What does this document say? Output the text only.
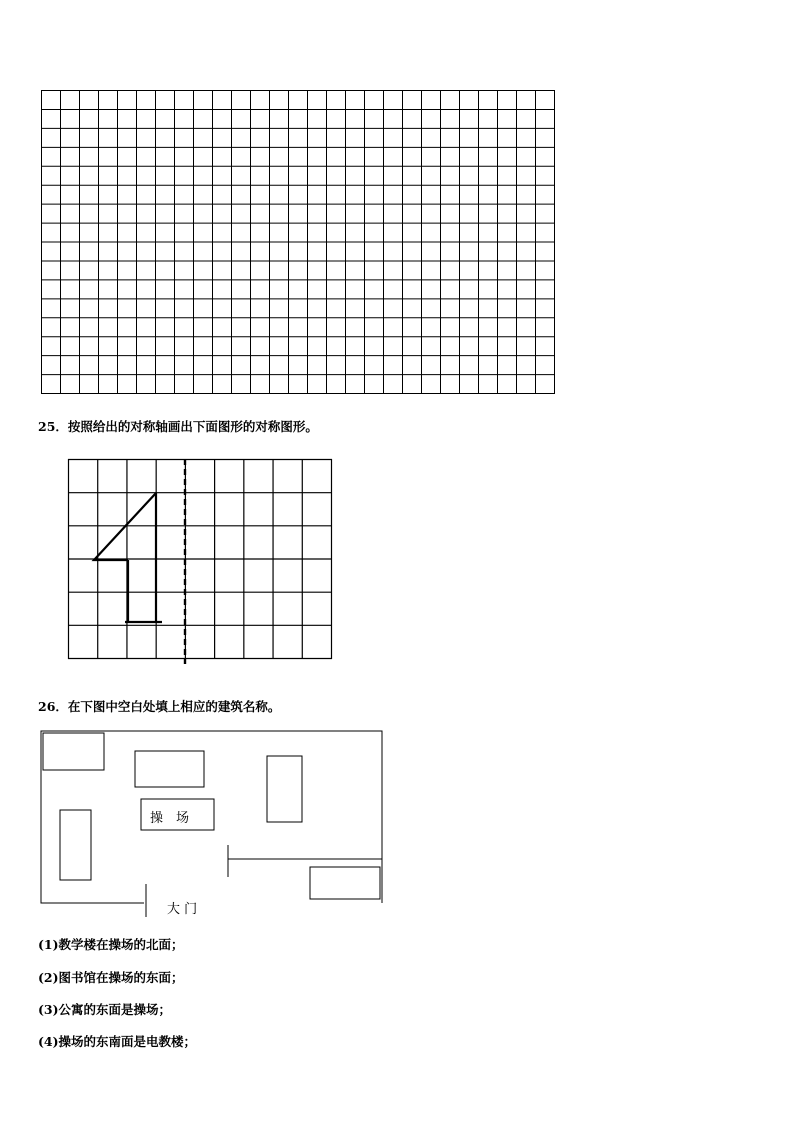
25．按照给出的对称轴画出下面图形的对称图形。
26．在下图中空白处填上相应的建筑名称。
操　场
大 门
(1)教学楼在操场的北面；
(2)图书馆在操场的东面；
(3)公寓的东面是操场；
(4)操场的东南面是电教楼；
